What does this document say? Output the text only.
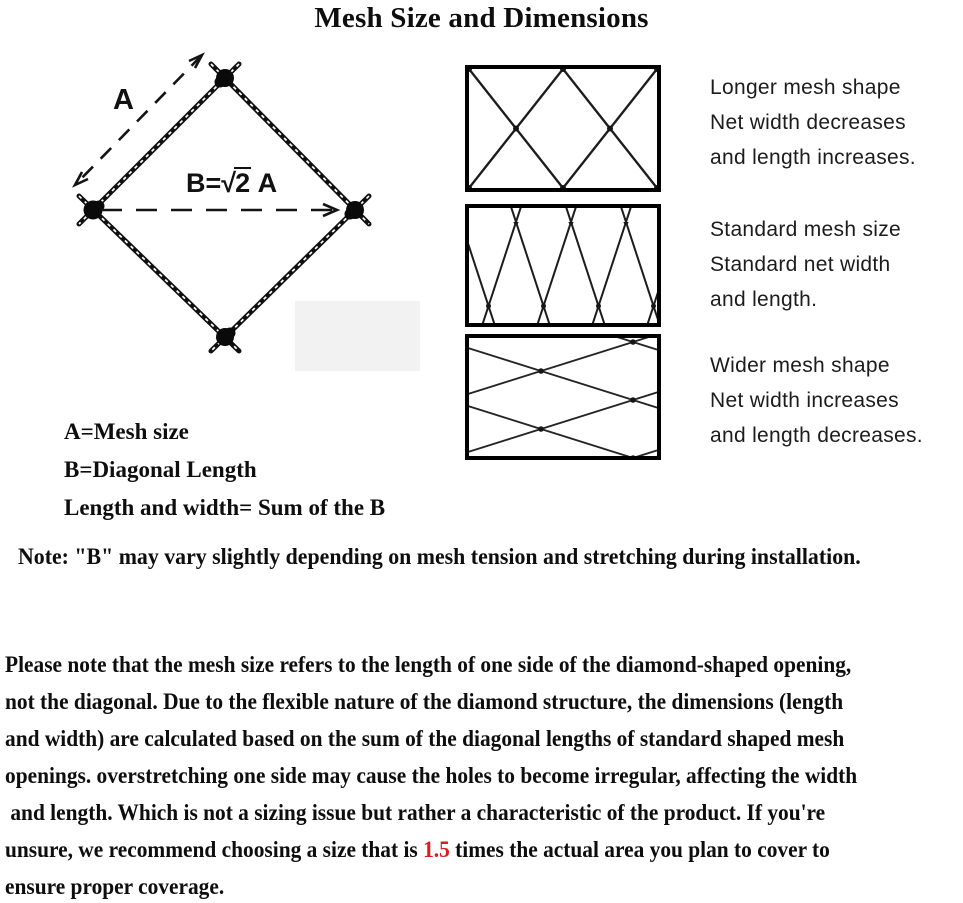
Mesh Size and Dimensions
A
B=√2 A
Longer mesh shape
Net width decreases
and length increases.
Standard mesh size
Standard net width
and length.
Wider mesh shape
Net width increases
and length decreases.
A=Mesh size
B=Diagonal Length
Length and width= Sum of the B
Note: "B" may vary slightly depending on mesh tension and stretching during installation.
Please note that the mesh size refers to the length of one side of the diamond-shaped opening,
not the diagonal. Due to the flexible nature of the diamond structure, the dimensions (length
and width) are calculated based on the sum of the diagonal lengths of standard shaped mesh
openings. overstretching one side may cause the holes to become irregular, affecting the width
and length. Which is not a sizing issue but rather a characteristic of the product. If you're
unsure, we recommend choosing a size that is 1.5 times the actual area you plan to cover to
ensure proper coverage.
